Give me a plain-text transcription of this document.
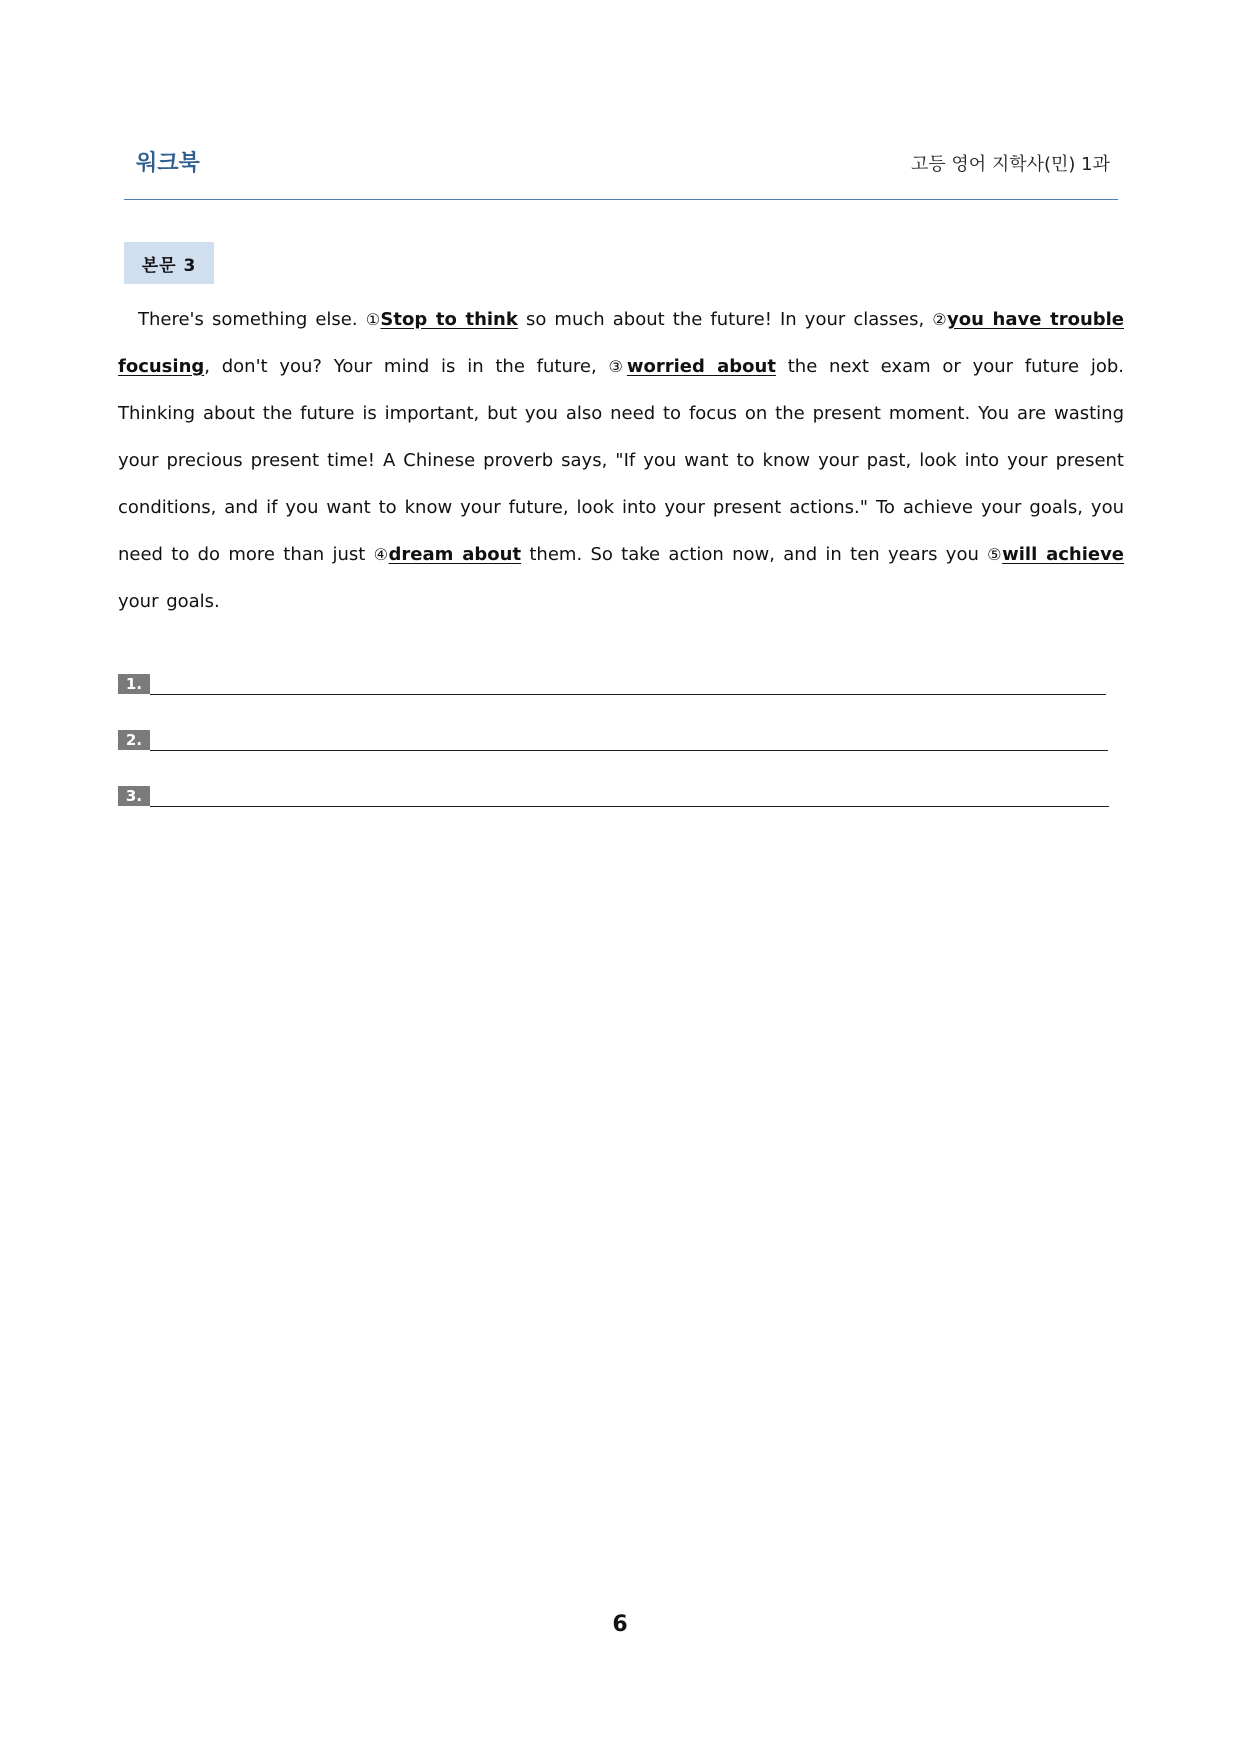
워크북	고등 영어 지학사(민) 1과
본문 3

There's something else. ①Stop to think so much about the future! In your classes, ②you have trouble focusing, don't you? Your mind is in the future, ③worried about the next exam or your future job. Thinking about the future is important, but you also need to focus on the present moment. You are wasting your precious present time! A Chinese proverb says, "If you want to know your past, look into your present conditions, and if you want to know your future, look into your present actions." To achieve your goals, you need to do more than just ④dream about them. So take action now, and in ten years you ⑤will achieve your goals.

1.
2.
3.
6
